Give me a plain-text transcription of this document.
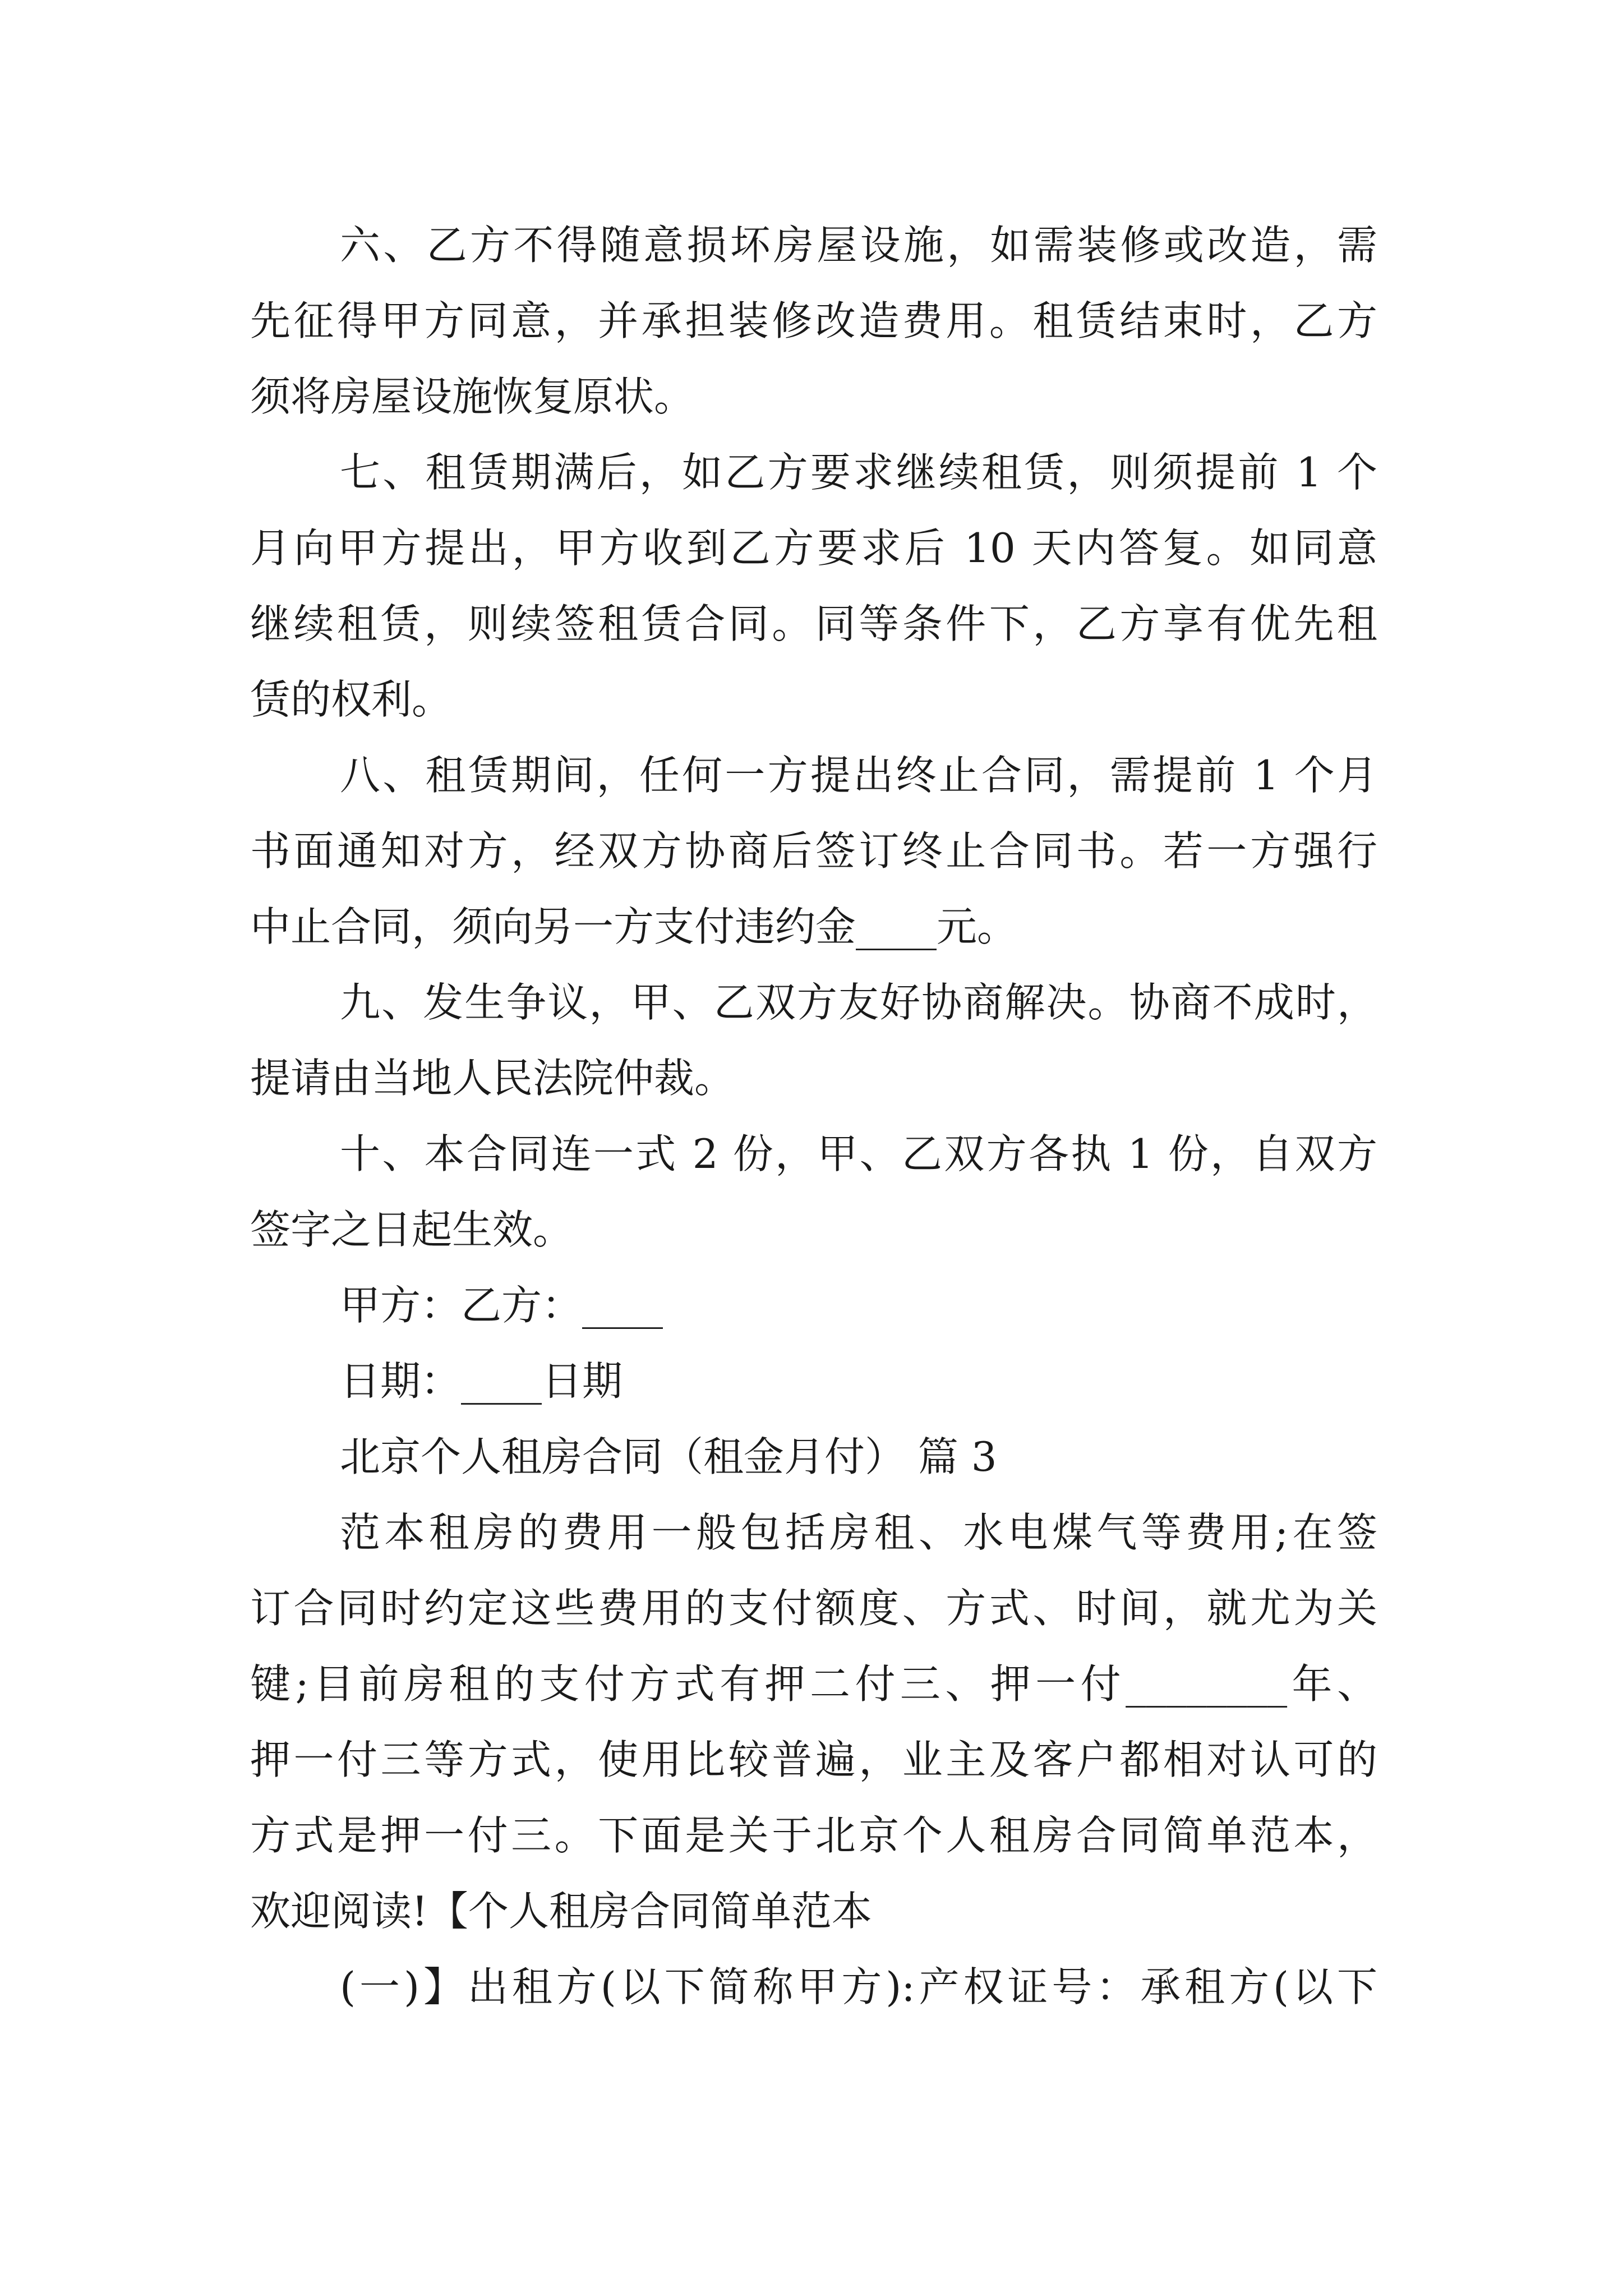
六、乙方不得随意损坏房屋设施，如需装修或改造，需
先征得甲方同意，并承担装修改造费用。租赁结束时，乙方
须将房屋设施恢复原状。
七、租赁期满后，如乙方要求继续租赁，则须提前 1 个
月向甲方提出，甲方收到乙方要求后 10 天内答复。如同意
继续租赁，则续签租赁合同。同等条件下，乙方享有优先租
赁的权利。
八、租赁期间，任何一方提出终止合同，需提前 1 个月
书面通知对方，经双方协商后签订终止合同书。若一方强行
中止合同，须向另一方支付违约金____元。
九、发生争议，甲、乙双方友好协商解决。协商不成时，
提请由当地人民法院仲裁。
十、本合同连一式 2 份，甲、乙双方各执 1 份，自双方
签字之日起生效。
甲方：乙方：____
日期：____日期
北京个人租房合同（租金月付） 篇 3
范本租房的费用一般包括房租、水电煤气等费用;在签
订合同时约定这些费用的支付额度、方式、时间，就尤为关
键;目前房租的支付方式有押二付三、押一付________年、
押一付三等方式，使用比较普遍，业主及客户都相对认可的
方式是押一付三。下面是关于北京个人租房合同简单范本，
欢迎阅读!【个人租房合同简单范本
(一)】出租方(以下简称甲方):产权证号：承租方(以下
